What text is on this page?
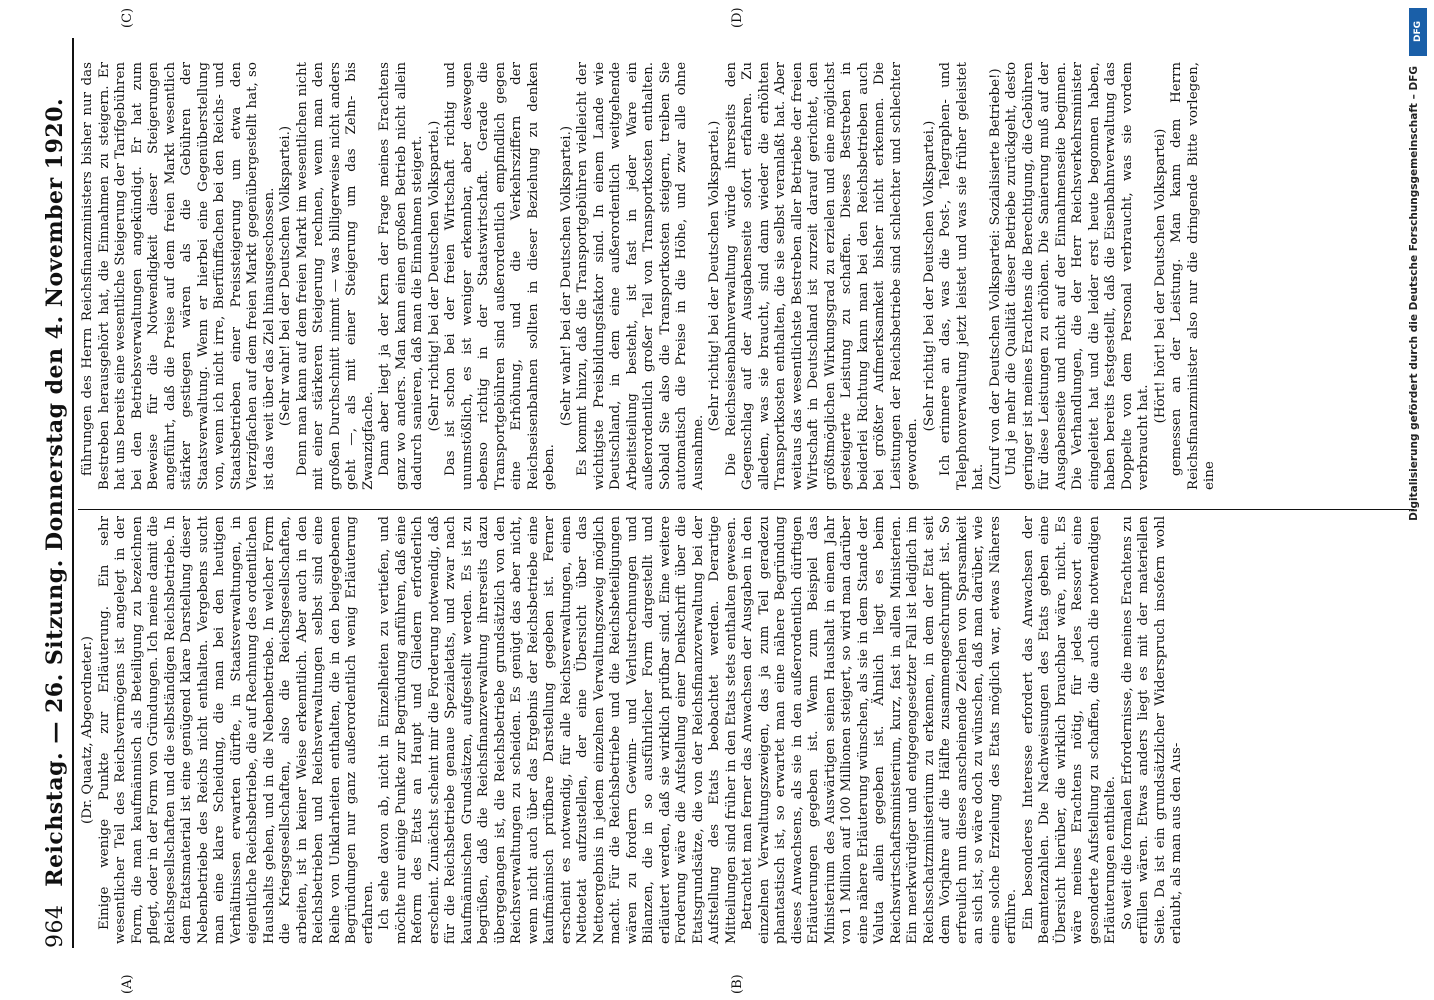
964
Reichstag. — 26. Sitzung. Donnerstag den 4. November 1920.
(A)	(B)
(C)	(D)

(Dr. Quaatz, Abgeordneter.) Einige wenige Punkte zur Erläuterung. Ein sehr wesentlicher Teil des Reichsvermögens ist angelegt in der Form, die man kaufmännisch als Beteiligung zu bezeichnen pflegt, oder in der Form von Gründungen. Ich meine damit die Reichsgesellschaften und die selbständigen Reichsbetriebe. In dem Etatsmaterial ist eine genügend klare Darstellung dieser Nebenbetriebe des Reichs nicht enthalten. Vergebens sucht man eine klare Scheidung, die man bei den heutigen Verhältnissen erwarten dürfte, in Staatsverwaltungen, in eigentliche Reichsbetriebe, die auf Rechnung des ordentlichen Haushalts gehen, und in die Nebenbetriebe. In welcher Form die Kriegsgesellschaften, also die Reichsgesellschaften, arbeiten, ist in keiner Weise erkenntlich. Aber auch in den Reichsbetrieben und Reichsverwaltungen selbst sind eine Reihe von Unklarheiten enthalten, die in den beigegebenen Begründungen nur ganz außerordentlich wenig Erläuterung erfahren. Ich sehe davon ab, nicht in Einzelheiten zu vertiefen, und möchte nur einige Punkte zur Begründung anführen, daß eine Reform des Etats an Haupt und Gliedern erforderlich erscheint. Zunächst scheint mir die Forderung notwendig, daß für die Reichsbetriebe genaue Spezialetats, und zwar nach kaufmännischen Grundsätzen, aufgestellt werden. Es ist zu begrüßen, daß die Reichsfinanzverwaltung ihrerseits dazu übergegangen ist, die Reichsbetriebe grundsätzlich von den Reichsverwaltungen zu scheiden. Es genügt das aber nicht, wenn nicht auch über das Ergebnis der Reichsbetriebe eine kaufmännisch prüfbare Darstellung gegeben ist. Ferner erscheint es notwendig, für alle Reichsverwaltungen, einen Nettoetat aufzustellen, der eine Übersicht über das Nettoergebnis in jedem einzelnen Verwaltungszweig möglich macht. Für die Reichsbetriebe und die Reichsbeteiligungen wären zu fordern Gewinn- und Verlustrechnungen und Bilanzen, die in so ausführlicher Form dargestellt und erläutert werden, daß sie wirklich prüfbar sind. Eine weitere Forderung wäre die Aufstellung einer Denkschrift über die Etatsgrundsätze, die von der Reichsfinanzverwaltung bei der Aufstellung des Etats beobachtet werden. Derartige Mitteilungen sind früher in den Etats stets enthalten gewesen. Betrachtet man ferner das Anwachsen der Ausgaben in den einzelnen Verwaltungszweigen, das ja zum Teil geradezu phantastisch ist, so erwartet man eine nähere Begründung dieses Anwachsens, als sie in den außerordentlich dürftigen Erläuterungen gegeben ist. Wenn zum Beispiel das Ministerium des Auswärtigen seinen Haushalt in einem Jahr von 1 Million auf 100 Millionen steigert, so wird man darüber eine nähere Erläuterung wünschen, als sie in dem Stande der Valuta allein gegeben ist. Ähnlich liegt es beim Reichswirtschaftsministerium, kurz, fast in allen Ministerien. Ein merkwürdiger und entgegengesetzter Fall ist lediglich im Reichsschatzministerium zu erkennen, in dem der Etat seit dem Vorjahre auf die Hälfte zusammengeschrumpft ist. So erfreulich nun dieses anscheinende Zeichen von Sparsamkeit an sich ist, so wäre doch zu wünschen, daß man darüber, wie eine solche Erzielung des Etats möglich war, etwas Näheres erführe. Ein besonderes Interesse erfordert das Anwachsen der Beamtenzahlen. Die Nachweisungen des Etats geben eine Übersicht hierüber, die wirklich brauchbar wäre, nicht. Es wäre meines Erachtens nötig, für jedes Ressort eine gesonderte Aufstellung zu schaffen, die auch die notwendigen Erläuterungen enthielte. So weit die formalen Erfordernisse, die meines Erachtens zu erfüllen wären. Etwas anders liegt es mit der materiellen Seite. Da ist ein grundsätzlicher Widerspruch insofern wohl erlaubt, als man aus den Aus-

führungen des Herrn Reichsfinanzministers bisher nur das Bestreben herausgehört hat, die Einnahmen zu steigern. Er hat uns bereits eine wesentliche Steigerung der Tarifgebühren bei den Betriebsverwaltungen angekündigt. Er hat zum Beweise für die Notwendigkeit dieser Steigerungen angeführt, daß die Preise auf dem freien Markt wesentlich stärker gestiegen wären als die Gebühren der Staatsverwaltung. Wenn er hierbei eine Gegenüberstellung von, wenn ich nicht irre, Bierfünffachen bei den Reichs- und Staatsbetrieben einer Preissteigerung um etwa den Vierzigfachen auf dem freien Markt gegenübergestellt hat, so ist das weit über das Ziel hinausgeschossen. (Sehr wahr! bei der Deutschen Volkspartei.) Denn man kann auf dem freien Markt im wesentlichen nicht mit einer stärkeren Steigerung rechnen, wenn man den großen Durchschnitt nimmt — was billigerweise nicht anders geht —, als mit einer Steigerung um das Zehn- bis Zwanzigfache. Dann aber liegt ja der Kern der Frage meines Erachtens ganz wo anders. Man kann einen großen Betrieb nicht allein dadurch sanieren, daß man die Einnahmen steigert. (Sehr richtig! bei der Deutschen Volkspartei.) Das ist schon bei der freien Wirtschaft richtig und unumstößlich, es ist weniger erkennbar, aber deswegen ebenso richtig in der Staatswirtschaft. Gerade die Transportgebühren sind außerordentlich empfindlich gegen eine Erhöhung, und die Verkehrsziffern der Reichseisenbahnen sollten in dieser Beziehung zu denken geben.

(Sehr wahr! bei der Deutschen Volkspartei.) Es kommt hinzu, daß die Transportgebühren vielleicht der wichtigste Preisbildungsfaktor sind. In einem Lande wie Deutschland, in dem eine außerordentlich weitgehende Arbeitsteilung besteht, ist fast in jeder Ware ein außerordentlich großer Teil von Transportkosten enthalten. Sobald Sie also die Transportkosten steigern, treiben Sie automatisch die Preise in die Höhe, und zwar alle ohne Ausnahme.

(Sehr richtig! bei der Deutschen Volkspartei.) Die Reichseisenbahnverwaltung würde ihrerseits den Gegenschlag auf der Ausgabenseite sofort erfahren. Zu alledem, was sie braucht, sind dann wieder die erhöhten Transportkosten enthalten, die sie selbst veranlaßt hat. Aber weitaus das wesentlichste Bestreben aller Betriebe der freien Wirtschaft in Deutschland ist zurzeit darauf gerichtet, den größtmöglichen Wirkungsgrad zu erzielen und eine möglichst gesteigerte Leistung zu schaffen. Dieses Bestreben in beiderlei Richtung kann man bei den Reichsbetrieben auch bei größter Aufmerksamkeit bisher nicht erkennen. Die Leistungen der Reichsbetriebe sind schlechter und schlechter geworden.

(Sehr richtig! bei der Deutschen Volkspartei.) Ich erinnere an das, was die Post-, Telegraphen- und Telephonverwaltung jetzt leistet und was sie früher geleistet hat. (Zuruf von der Deutschen Volkspartei: Sozialisierte Betriebe!) Und je mehr die Qualität dieser Betriebe zurückgeht, desto geringer ist meines Erachtens die Berechtigung, die Gebühren für diese Leistungen zu erhöhen. Die Sanierung muß auf der Ausgabenseite und nicht auf der Einnahmenseite beginnen. Die Verhandlungen, die der Herr Reichsverkehrsminister eingeleitet hat und die leider erst heute begonnen haben, haben bereits festgestellt, daß die Eisenbahnverwaltung das Doppelte von dem Personal verbraucht, was sie vordem verbraucht hat.

(Hört! hört! bei der Deutschen Volkspartei) gemessen an der Leistung. Man kann dem Herrn Reichsfinanzminister also nur die dringende Bitte vorlegen, eine

DFG
Digitalisierung gefördert durch die Deutsche Forschungsgemeinschaft – DFG
